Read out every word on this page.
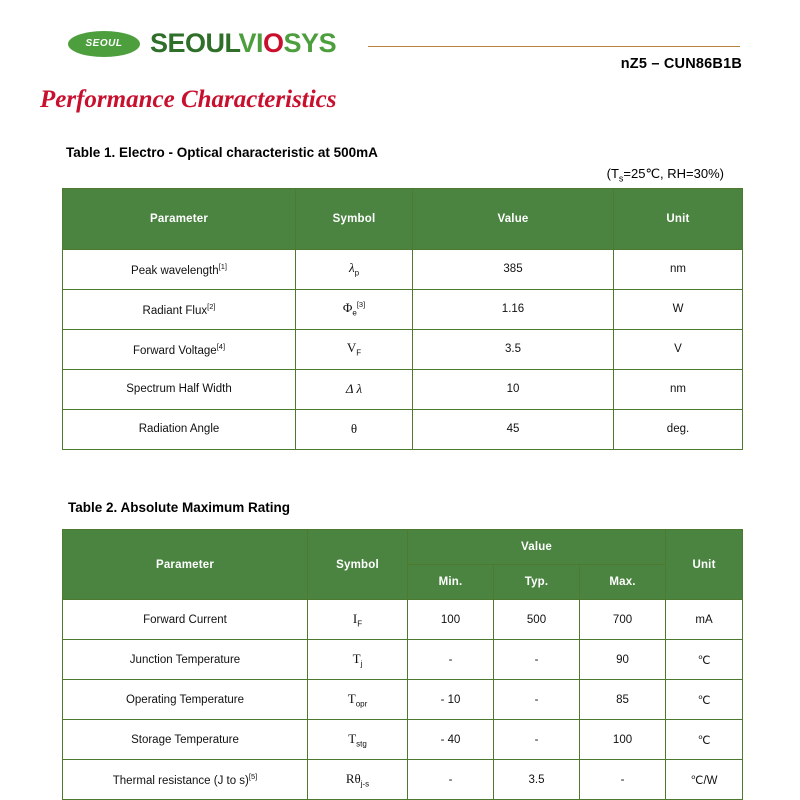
SEOUL SEOULVIOSYS
nZ5 – CUN86B1B
Performance Characteristics
Table 1. Electro - Optical characteristic at 500mA
($T_s=25℃$, RH=30%)
Parameter	Symbol	Value	Unit
Peak wavelength[1]	$\lambda_p$	385	nm
Radiant Flux[2]	$\Phi_e[3]$	1.16	W
Forward Voltage[4]	$V_F$	3.5	V
Spectrum Half Width	Δ λ	10	nm
Radiation Angle	θ	45	deg.
Table 2. Absolute Maximum Rating
Parameter	Symbol	Value			Unit
		Min.	Typ.	Max.	
Forward Current	$I_F$	100	500	700	mA
Junction Temperature	$T_j$	-	-	90	℃
Operating Temperature	$T_{opr}$	- 10	-	85	℃
Storage Temperature	$T_{stg}$	- 40	-	100	℃
Thermal resistance (J to s)[5]	$R\theta_{j-s}$	-	3.5	-	℃/W
